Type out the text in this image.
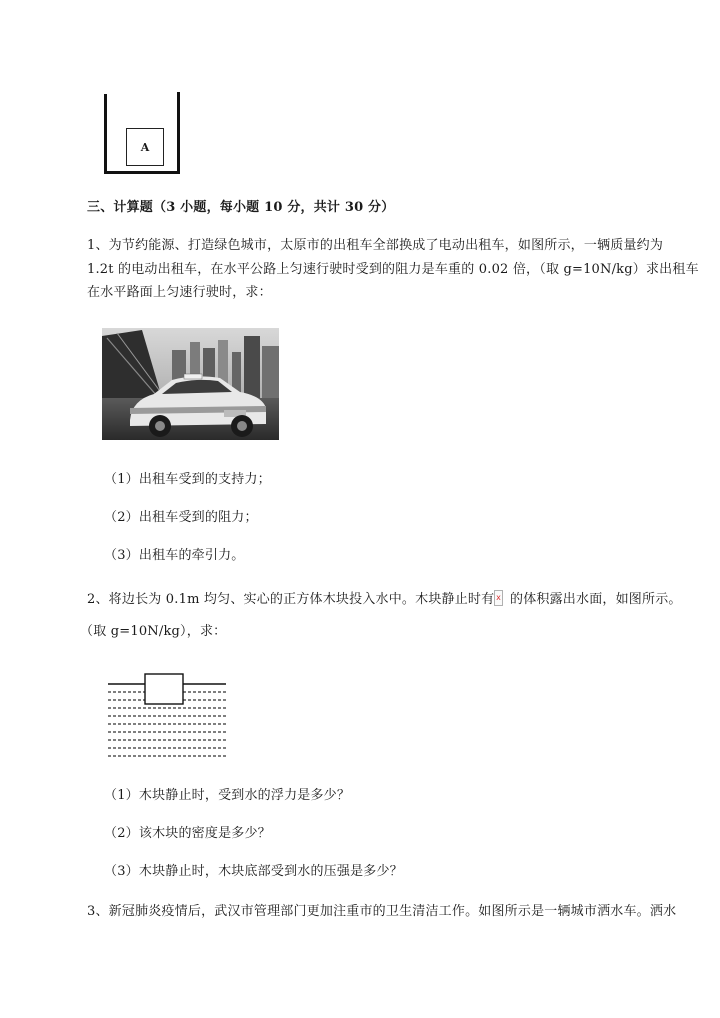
A
三、计算题（3 小题，每小题 10 分，共计 30 分）
1、为节约能源、打造绿色城市，太原市的出租车全部换成了电动出租车，如图所示，一辆质量约为
1.2t 的电动出租车，在水平公路上匀速行驶时受到的阻力是车重的 0.02 倍，（取 g=10N/kg）求出租车
在水平路面上匀速行驶时，求：
（1）出租车受到的支持力；
（2）出租车受到的阻力；
（3）出租车的牵引力。
2、将边长为 0.1m 均匀、实心的正方体木块投入水中。木块静止时有 x 的体积露出水面，如图所示。
（取 g=10N/kg），求：
（1）木块静止时，受到水的浮力是多少？
（2）该木块的密度是多少？
（3）木块静止时，木块底部受到水的压强是多少？
3、新冠肺炎疫情后，武汉市管理部门更加注重市的卫生清洁工作。如图所示是一辆城市洒水车。洒水
